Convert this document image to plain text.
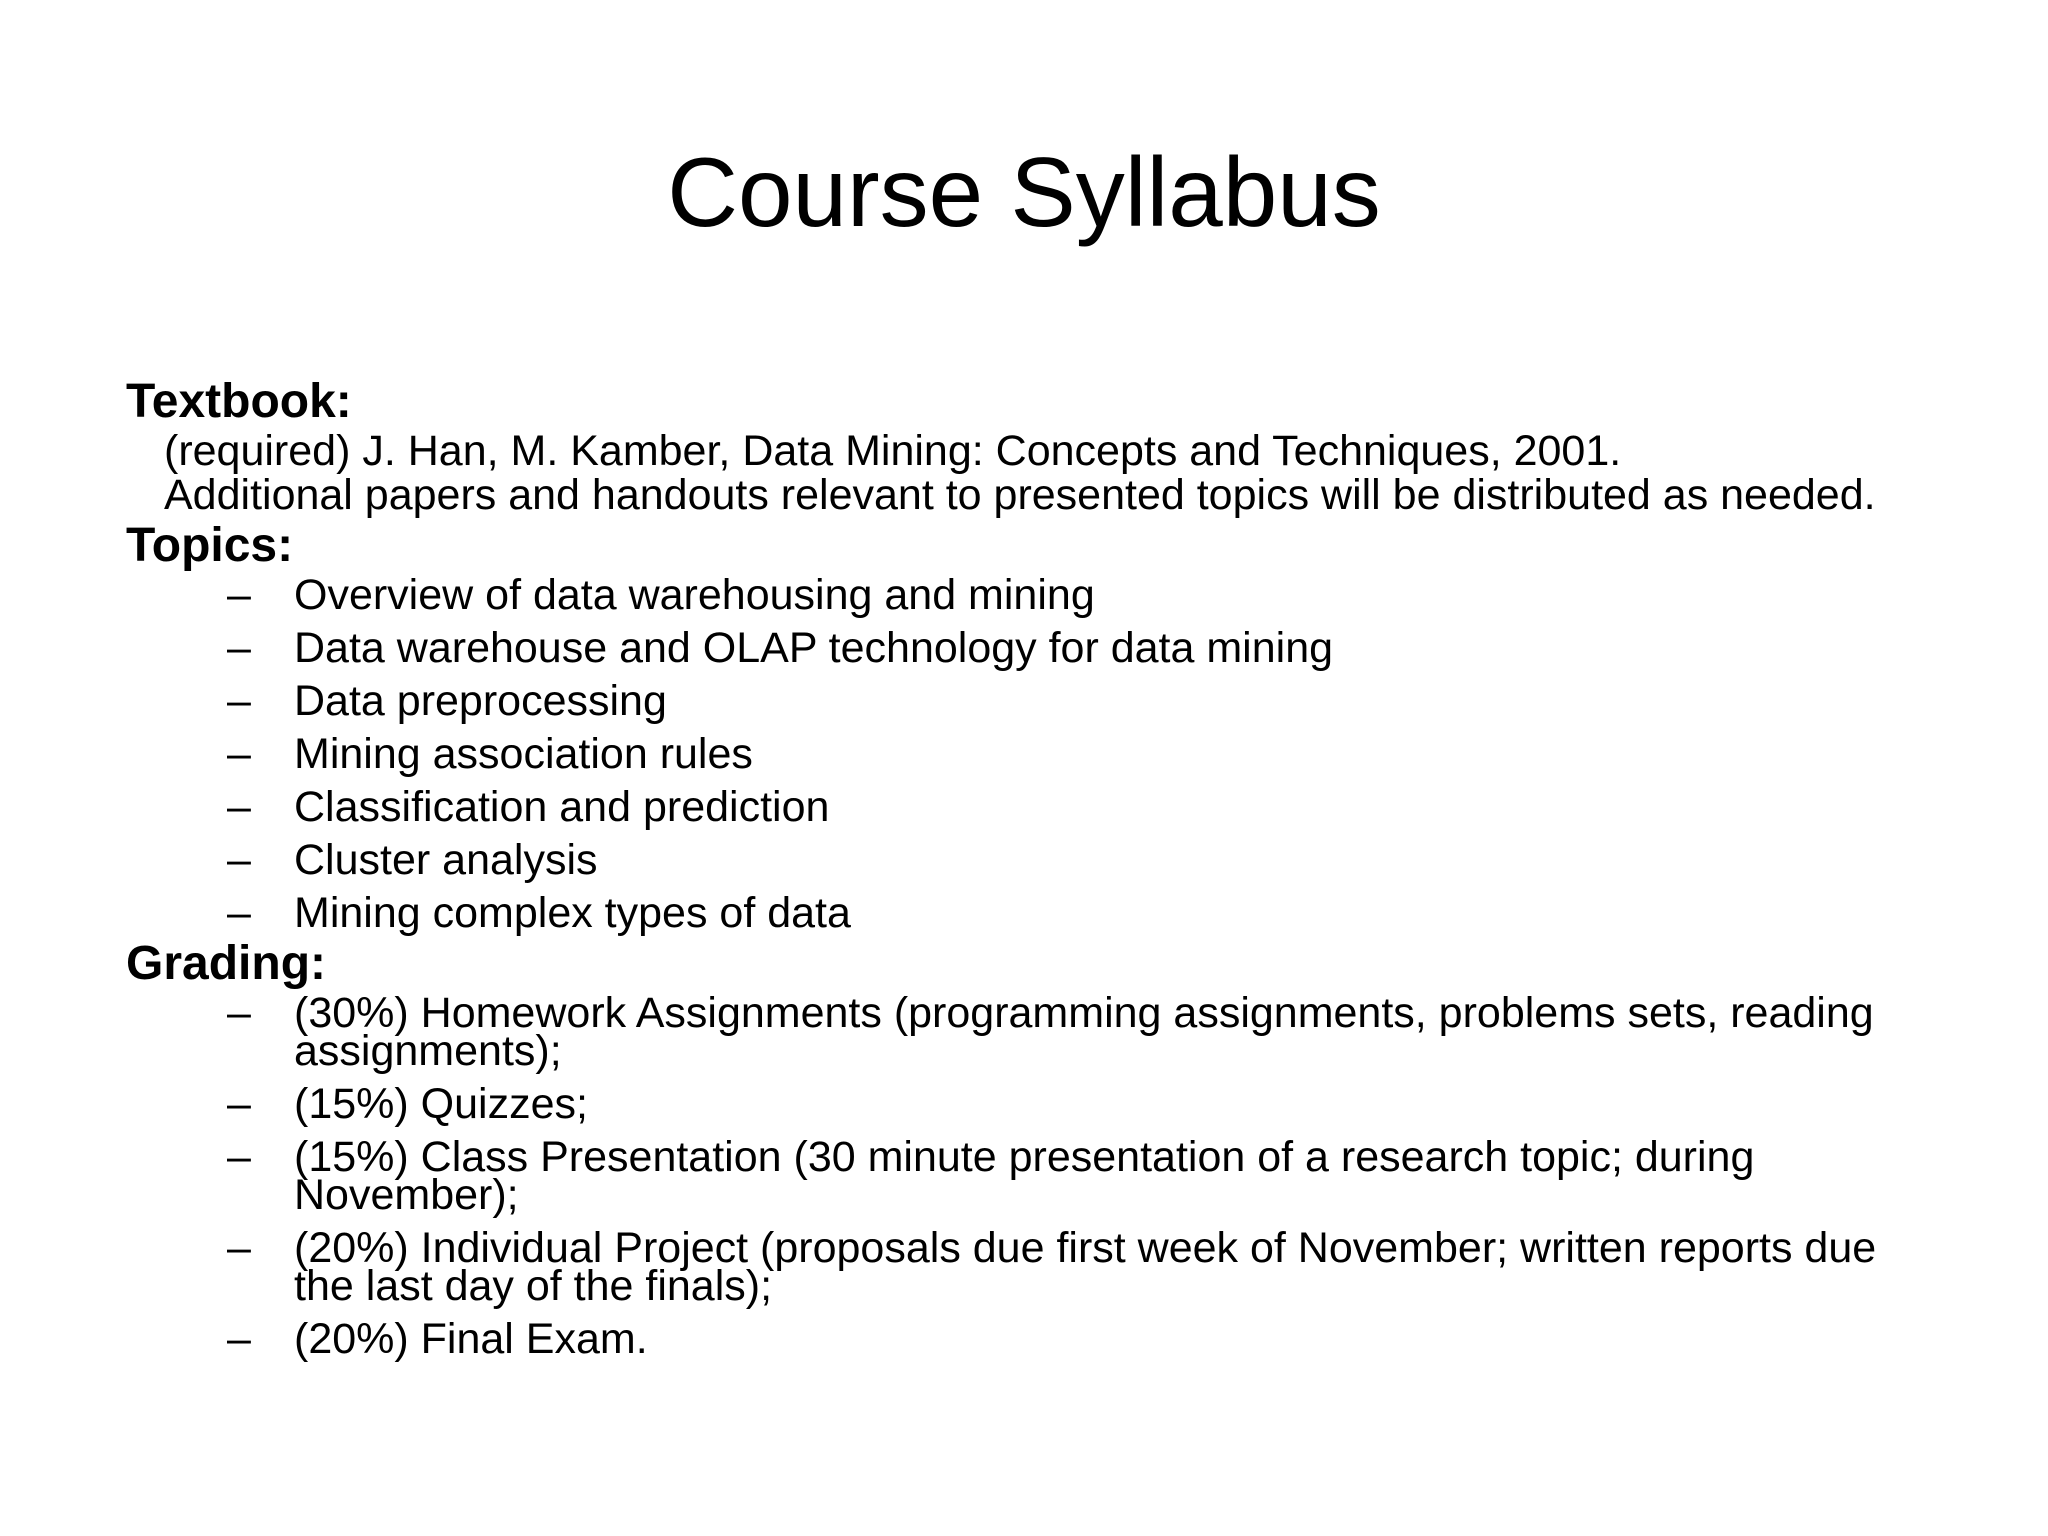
Course Syllabus

Textbook:

(required) J. Han, M. Kamber, Data Mining: Concepts and Techniques, 2001.
Additional papers and handouts relevant to presented topics will be distributed as needed.

Topics:

– Overview of data warehousing and mining
– Data warehouse and OLAP technology for data mining
– Data preprocessing
– Mining association rules
– Classification and prediction
– Cluster analysis
– Mining complex types of data

Grading:

– (30%) Homework Assignments (programming assignments, problems sets, reading assignments);
– (15%) Quizzes;
– (15%) Class Presentation (30 minute presentation of a research topic; during November);
– (20%) Individual Project (proposals due first week of November; written reports due the last day of the finals);
– (20%) Final Exam.
